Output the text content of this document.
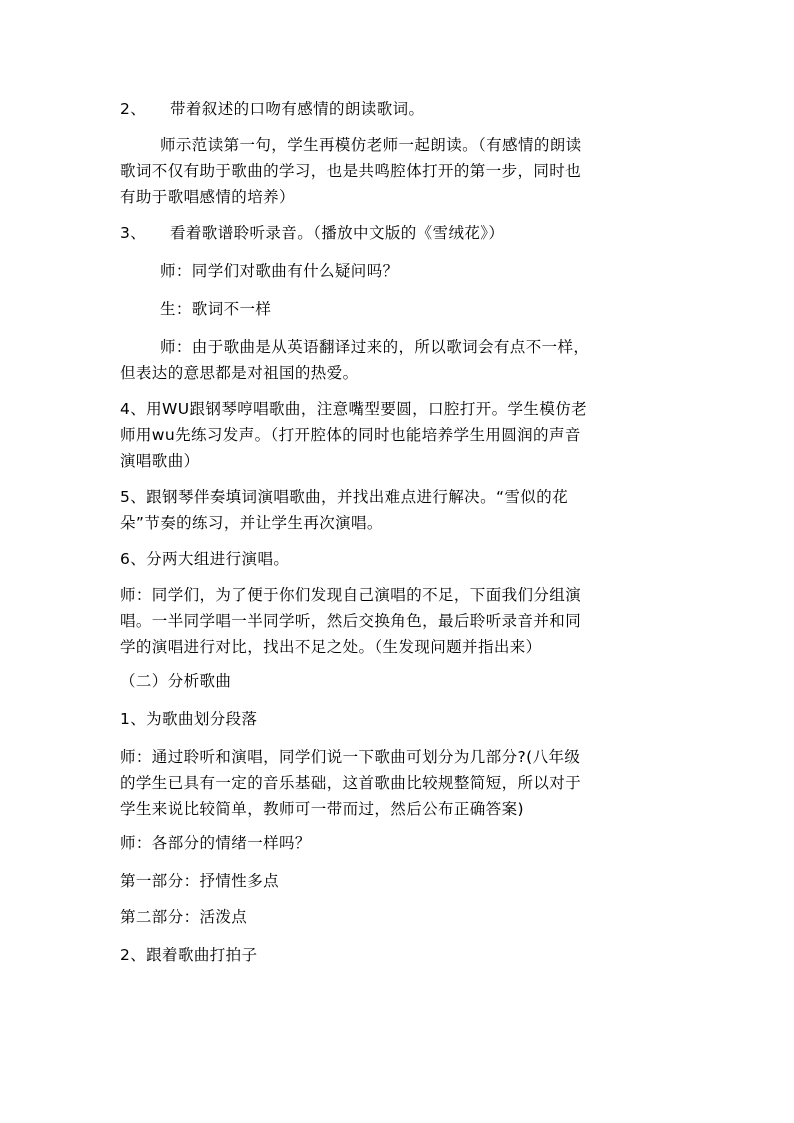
2、 带着叙述的口吻有感情的朗读歌词。
师示范读第一句，学生再模仿老师一起朗读。（有感情的朗读
歌词不仅有助于歌曲的学习，也是共鸣腔体打开的第一步，同时也
有助于歌唱感情的培养）
3、 看着歌谱聆听录音。（播放中文版的《雪绒花》）
师：同学们对歌曲有什么疑问吗？
生：歌词不一样
师：由于歌曲是从英语翻译过来的，所以歌词会有点不一样，
但表达的意思都是对祖国的热爱。
4、用WU跟钢琴哼唱歌曲，注意嘴型要圆，口腔打开。学生模仿老
师用wu先练习发声。（打开腔体的同时也能培养学生用圆润的声音
演唱歌曲）
5、跟钢琴伴奏填词演唱歌曲，并找出难点进行解决。“雪似的花
朵”节奏的练习，并让学生再次演唱。
6、分两大组进行演唱。
师：同学们，为了便于你们发现自己演唱的不足，下面我们分组演
唱。一半同学唱一半同学听，然后交换角色，最后聆听录音并和同
学的演唱进行对比，找出不足之处。（生发现问题并指出来）
（二）分析歌曲
1、为歌曲划分段落
师：通过聆听和演唱，同学们说一下歌曲可划分为几部分?(八年级
的学生已具有一定的音乐基础，这首歌曲比较规整简短，所以对于
学生来说比较简单，教师可一带而过，然后公布正确答案)
师：各部分的情绪一样吗？
第一部分：抒情性多点
第二部分：活泼点
2、跟着歌曲打拍子
